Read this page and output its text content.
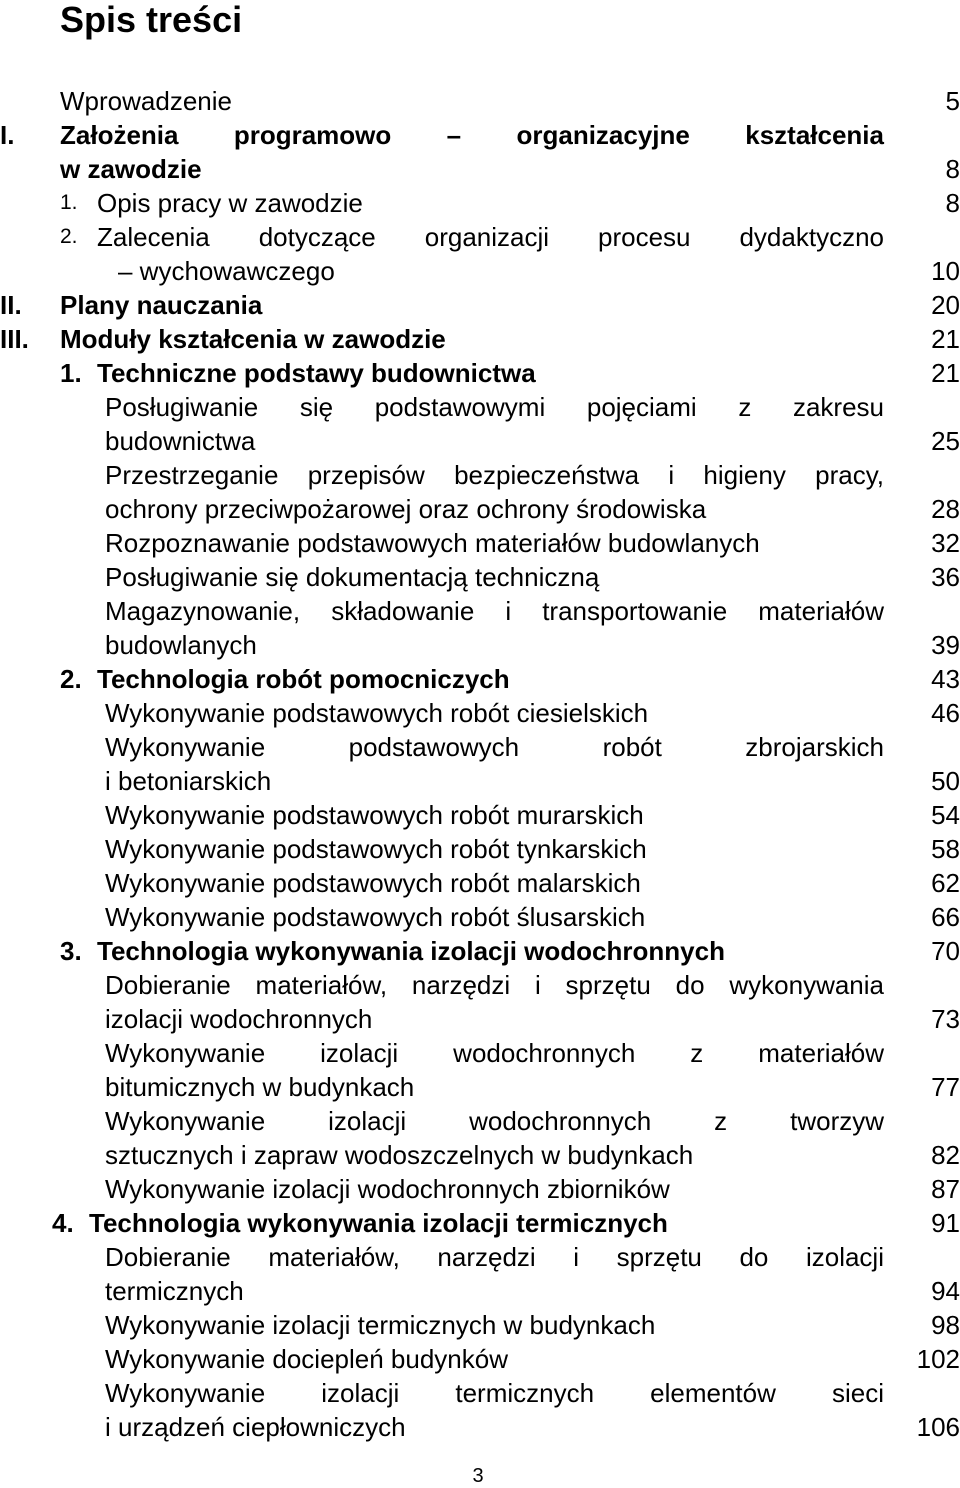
Spis treści
Wprowadzenie	5
I. Założenia programowo – organizacyjne kształcenia
w zawodzie	8
1. Opis pracy w zawodzie	8
2. Zalecenia dotyczące organizacji procesu dydaktyczno
– wychowawczego	10
II. Plany nauczania	20
III. Moduły kształcenia w zawodzie	21
1. Techniczne podstawy budownictwa	21
Posługiwanie się podstawowymi pojęciami z zakresu
budownictwa	25
Przestrzeganie przepisów bezpieczeństwa i higieny pracy,
ochrony przeciwpożarowej oraz ochrony środowiska	28
Rozpoznawanie podstawowych materiałów budowlanych	32
Posługiwanie się dokumentacją techniczną	36
Magazynowanie, składowanie i transportowanie materiałów
budowlanych	39
2. Technologia robót pomocniczych	43
Wykonywanie podstawowych robót ciesielskich	46
Wykonywanie podstawowych robót zbrojarskich
i betoniarskich	50
Wykonywanie podstawowych robót murarskich	54
Wykonywanie podstawowych robót tynkarskich	58
Wykonywanie podstawowych robót malarskich	62
Wykonywanie podstawowych robót ślusarskich	66
3. Technologia wykonywania izolacji wodochronnych	70
Dobieranie materiałów, narzędzi i sprzętu do wykonywania
izolacji wodochronnych	73
Wykonywanie izolacji wodochronnych z materiałów
bitumicznych w budynkach	77
Wykonywanie izolacji wodochronnych z tworzyw
sztucznych i zapraw wodoszczelnych w budynkach	82
Wykonywanie izolacji wodochronnych zbiorników	87
4. Technologia wykonywania izolacji termicznych	91
Dobieranie materiałów, narzędzi i sprzętu do izolacji
termicznych	94
Wykonywanie izolacji termicznych w budynkach	98
Wykonywanie dociepleń budynków	102
Wykonywanie izolacji termicznych elementów sieci
i urządzeń ciepłowniczych	106
3
